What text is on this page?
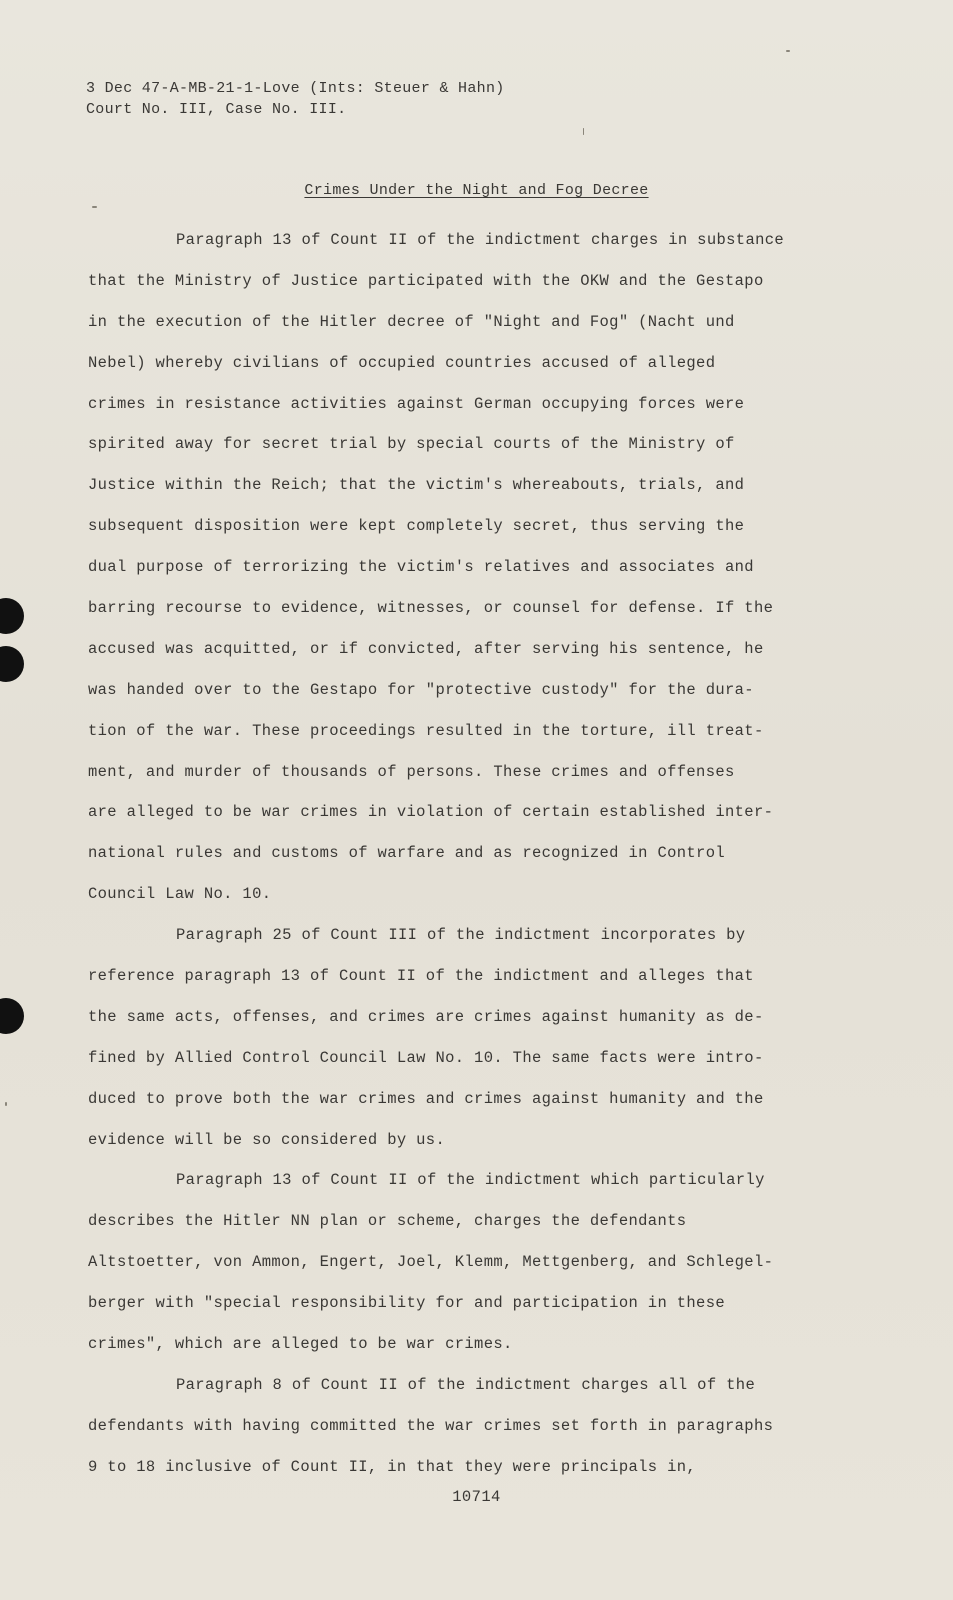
3 Dec 47-A-MB-21-1-Love (Ints: Steuer & Hahn)
Court No. III, Case No. III.
Crimes Under the Night and Fog Decree
Paragraph 13 of Count II of the indictment charges in substance
that the Ministry of Justice participated with the OKW and the Gestapo
in the execution of the Hitler decree of "Night and Fog" (Nacht und
Nebel) whereby civilians of occupied countries accused of alleged
crimes in resistance activities against German occupying forces were
spirited away for secret trial by special courts of the Ministry of
Justice within the Reich; that the victim's whereabouts, trials, and
subsequent disposition were kept completely secret, thus serving the
dual purpose of terrorizing the victim's relatives and associates and
barring recourse to evidence, witnesses, or counsel for defense. If the
accused was acquitted, or if convicted, after serving his sentence, he
was handed over to the Gestapo for "protective custody" for the dura-
tion of the war. These proceedings resulted in the torture, ill treat-
ment, and murder of thousands of persons. These crimes and offenses
are alleged to be war crimes in violation of certain established inter-
national rules and customs of warfare and as recognized in Control
Council Law No. 10.
Paragraph 25 of Count III of the indictment incorporates by
reference paragraph 13 of Count II of the indictment and alleges that
the same acts, offenses, and crimes are crimes against humanity as de-
fined by Allied Control Council Law No. 10. The same facts were intro-
duced to prove both the war crimes and crimes against humanity and the
evidence will be so considered by us.
Paragraph 13 of Count II of the indictment which particularly
describes the Hitler NN plan or scheme, charges the defendants
Altstoetter, von Ammon, Engert, Joel, Klemm, Mettgenberg, and Schlegel-
berger with "special responsibility for and participation in these
crimes", which are alleged to be war crimes.
Paragraph 8 of Count II of the indictment charges all of the
defendants with having committed the war crimes set forth in paragraphs
9 to 18 inclusive of Count II, in that they were principals in,
10714
